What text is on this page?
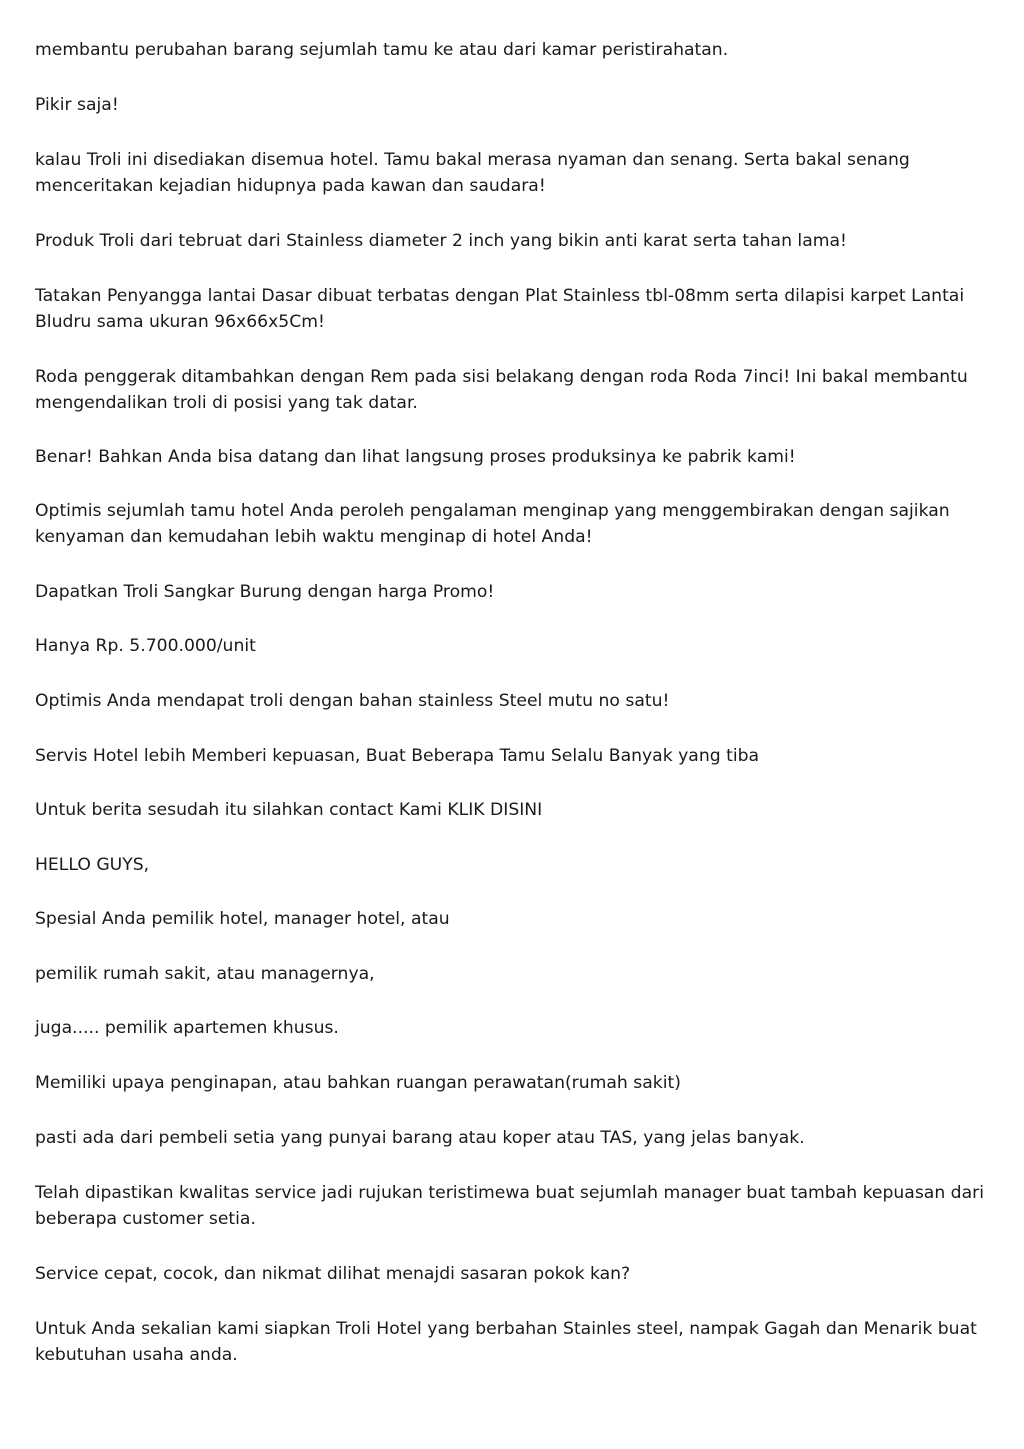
membantu perubahan barang sejumlah tamu ke atau dari kamar peristirahatan.

Pikir saja!

kalau Troli ini disediakan disemua hotel. Tamu bakal merasa nyaman dan senang. Serta bakal senang menceritakan kejadian hidupnya pada kawan dan saudara!

Produk Troli dari tebruat dari Stainless diameter 2 inch yang bikin anti karat serta tahan lama!

Tatakan Penyangga lantai Dasar dibuat terbatas dengan Plat Stainless tbl-08mm serta dilapisi karpet Lantai Bludru sama ukuran 96x66x5Cm!

Roda penggerak ditambahkan dengan Rem pada sisi belakang dengan roda Roda 7inci! Ini bakal membantu mengendalikan troli di posisi yang tak datar.

Benar! Bahkan Anda bisa datang dan lihat langsung proses produksinya ke pabrik kami!

Optimis sejumlah tamu hotel Anda peroleh pengalaman menginap yang menggembirakan dengan sajikan kenyaman dan kemudahan lebih waktu menginap di hotel Anda!

Dapatkan Troli Sangkar Burung dengan harga Promo!

Hanya Rp. 5.700.000/unit

Optimis Anda mendapat troli dengan bahan stainless Steel mutu no satu!

Servis Hotel lebih Memberi kepuasan, Buat Beberapa Tamu Selalu Banyak yang tiba

Untuk berita sesudah itu silahkan contact Kami KLIK DISINI

HELLO GUYS,

Spesial Anda pemilik hotel, manager hotel, atau

pemilik rumah sakit, atau managernya,

juga..... pemilik apartemen khusus.

Memiliki upaya penginapan, atau bahkan ruangan perawatan(rumah sakit)

pasti ada dari pembeli setia yang punyai barang atau koper atau TAS, yang jelas banyak.

Telah dipastikan kwalitas service jadi rujukan teristimewa buat sejumlah manager buat tambah kepuasan dari beberapa customer setia.

Service cepat, cocok, dan nikmat dilihat menajdi sasaran pokok kan?

Untuk Anda sekalian kami siapkan Troli Hotel yang berbahan Stainles steel, nampak Gagah dan Menarik buat kebutuhan usaha anda.
